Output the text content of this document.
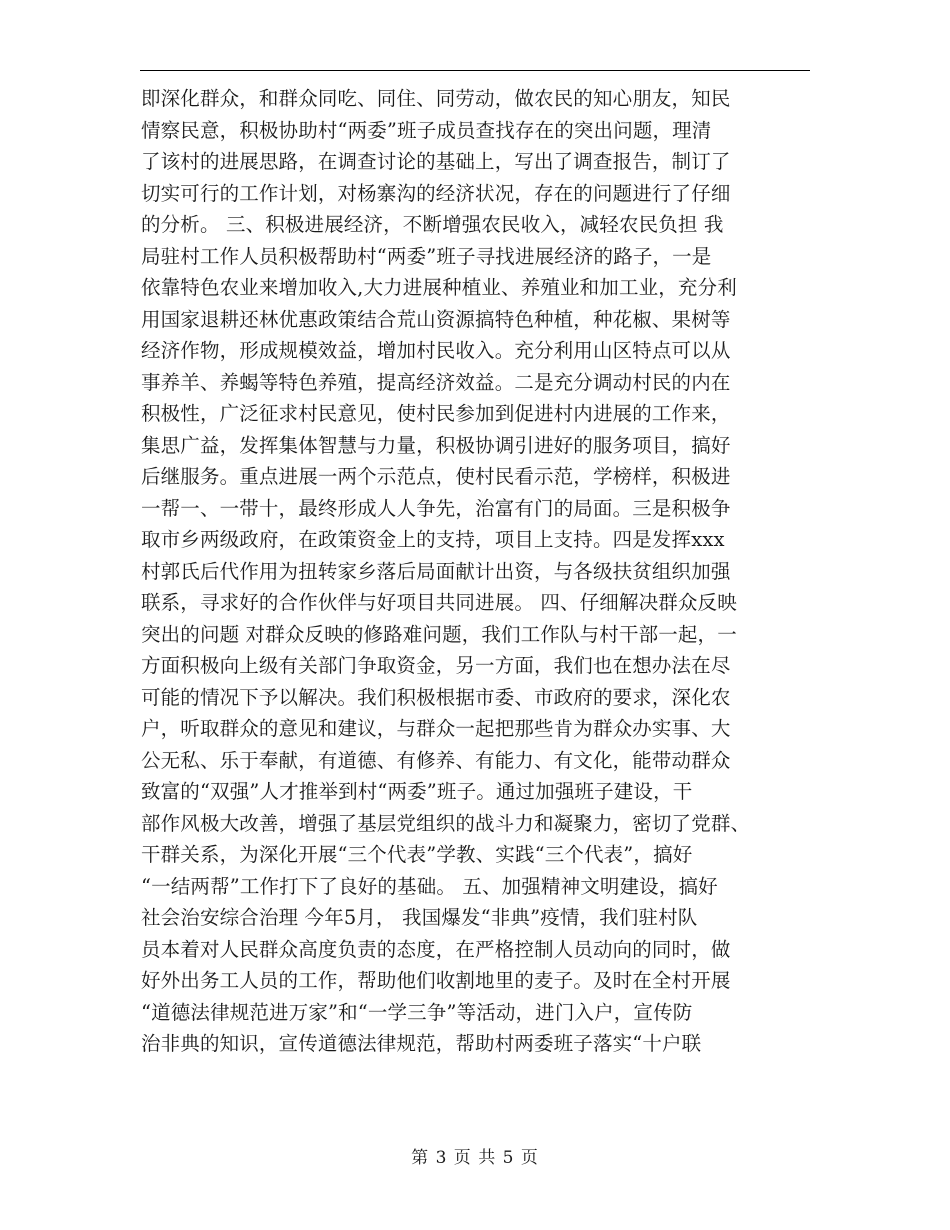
即深化群众，和群众同吃、同住、同劳动，做农民的知心朋友，知民
情察民意，积极协助村“两委”班子成员查找存在的突出问题，理清
了该村的进展思路，在调查讨论的基础上，写出了调查报告，制订了
切实可行的工作计划，对杨寨沟的经济状况，存在的问题进行了仔细
的分析。 三、积极进展经济，不断增强农民收入，减轻农民负担 我
局驻村工作人员积极帮助村“两委”班子寻找进展经济的路子，一是
依靠特色农业来增加收入,大力进展种植业、养殖业和加工业，充分利
用国家退耕还林优惠政策结合荒山资源搞特色种植，种花椒、果树等
经济作物，形成规模效益，增加村民收入。充分利用山区特点可以从
事养羊、养蝎等特色养殖，提高经济效益。二是充分调动村民的内在
积极性，广泛征求村民意见，使村民参加到促进村内进展的工作来，
集思广益，发挥集体智慧与力量，积极协调引进好的服务项目，搞好
后继服务。重点进展一两个示范点，使村民看示范，学榜样，积极进
一帮一、一带十，最终形成人人争先，治富有门的局面。三是积极争
取市乡两级政府，在政策资金上的支持，项目上支持。四是发挥xxx
村郭氏后代作用为扭转家乡落后局面献计出资，与各级扶贫组织加强
联系，寻求好的合作伙伴与好项目共同进展。 四、仔细解决群众反映
突出的问题 对群众反映的修路难问题，我们工作队与村干部一起，一
方面积极向上级有关部门争取资金，另一方面，我们也在想办法在尽
可能的情况下予以解决。我们积极根据市委、市政府的要求，深化农
户，听取群众的意见和建议，与群众一起把那些肯为群众办实事、大
公无私、乐于奉献，有道德、有修养、有能力、有文化，能带动群众
致富的“双强”人才推举到村“两委”班子。通过加强班子建设，干
部作风极大改善，增强了基层党组织的战斗力和凝聚力，密切了党群、
干群关系，为深化开展“三个代表”学教、实践“三个代表”，搞好
“一结两帮”工作打下了良好的基础。 五、加强精神文明建设，搞好
社会治安综合治理 今年5月， 我国爆发“非典”疫情，我们驻村队
员本着对人民群众高度负责的态度，在严格控制人员动向的同时，做
好外出务工人员的工作，帮助他们收割地里的麦子。及时在全村开展
“道德法律规范进万家”和“一学三争”等活动，进门入户，宣传防
治非典的知识，宣传道德法律规范，帮助村两委班子落实“十户联
第 3 页 共 5 页
